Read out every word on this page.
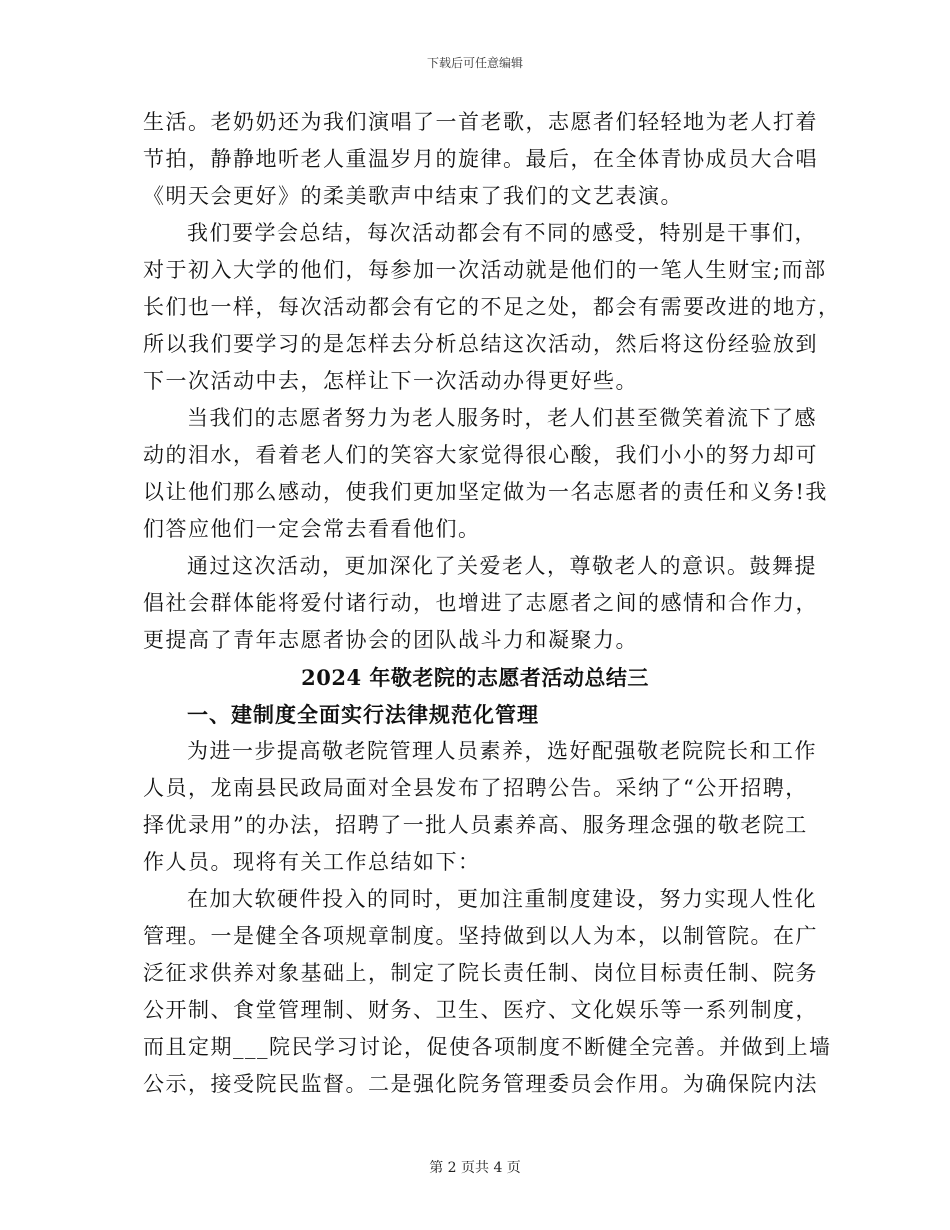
下载后可任意编辑

生活。老奶奶还为我们演唱了一首老歌，志愿者们轻轻地为老人打着
节拍，静静地听老人重温岁月的旋律。最后，在全体青协成员大合唱
《明天会更好》的柔美歌声中结束了我们的文艺表演。

我们要学会总结，每次活动都会有不同的感受，特别是干事们，
对于初入大学的他们，每参加一次活动就是他们的一笔人生财宝;而部
长们也一样，每次活动都会有它的不足之处，都会有需要改进的地方，
所以我们要学习的是怎样去分析总结这次活动，然后将这份经验放到
下一次活动中去，怎样让下一次活动办得更好些。

当我们的志愿者努力为老人服务时，老人们甚至微笑着流下了感
动的泪水，看着老人们的笑容大家觉得很心酸，我们小小的努力却可
以让他们那么感动，使我们更加坚定做为一名志愿者的责任和义务!我
们答应他们一定会常去看看他们。

通过这次活动，更加深化了关爱老人，尊敬老人的意识。鼓舞提
倡社会群体能将爱付诸行动，也增进了志愿者之间的感情和合作力，
更提高了青年志愿者协会的团队战斗力和凝聚力。

2024 年敬老院的志愿者活动总结三

一、建制度全面实行法律规范化管理

为进一步提高敬老院管理人员素养，选好配强敬老院院长和工作
人员，龙南县民政局面对全县发布了招聘公告。采纳了“公开招聘，
择优录用”的办法，招聘了一批人员素养高、服务理念强的敬老院工
作人员。现将有关工作总结如下：

在加大软硬件投入的同时，更加注重制度建设，努力实现人性化
管理。一是健全各项规章制度。坚持做到以人为本，以制管院。在广
泛征求供养对象基础上，制定了院长责任制、岗位目标责任制、院务
公开制、食堂管理制、财务、卫生、医疗、文化娱乐等一系列制度，
而且定期___院民学习讨论，促使各项制度不断健全完善。并做到上墙
公示，接受院民监督。二是强化院务管理委员会作用。为确保院内法

第 2 页共 4 页
